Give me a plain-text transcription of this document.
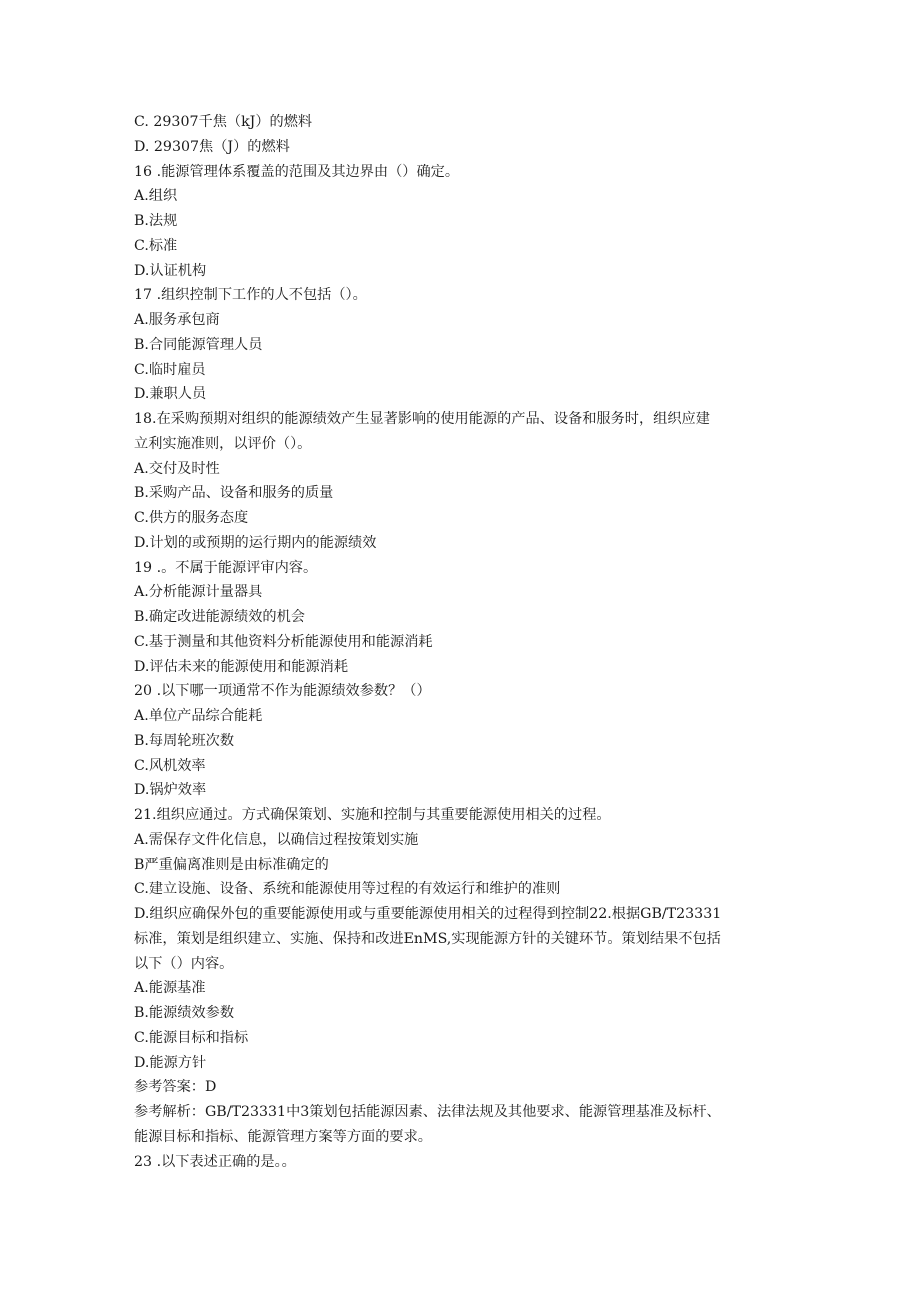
C. 29307千焦（kJ）的燃料
D. 29307焦（J）的燃料
16 .能源管理体系覆盖的范围及其边界由（）确定。
A.组织
B.法规
C.标准
D.认证机构
17 .组织控制下工作的人不包括（）。
A.服务承包商
B.合同能源管理人员
C.临时雇员
D.兼职人员
18.在采购预期对组织的能源绩效产生显著影响的使用能源的产品、设备和服务时，组织应建
立利实施准则，以评价（）。
A.交付及时性
B.采购产品、设备和服务的质量
C.供方的服务态度
D.计划的或预期的运行期内的能源绩效
19 .。不属于能源评审内容。
A.分析能源计量器具
B.确定改进能源绩效的机会
C.基于测量和其他资料分析能源使用和能源消耗
D.评估未来的能源使用和能源消耗
20 .以下哪一项通常不作为能源绩效参数？（）
A.单位产品综合能耗
B.每周轮班次数
C.风机效率
D.锅炉效率
21.组织应通过。方式确保策划、实施和控制与其重要能源使用相关的过程。
A.需保存文件化信息，以确信过程按策划实施
B严重偏离准则是由标准确定的
C.建立设施、设备、系统和能源使用等过程的有效运行和维护的准则
D.组织应确保外包的重要能源使用或与重要能源使用相关的过程得到控制22.根据GB/T23331
标准，策划是组织建立、实施、保持和改进EnMS,实现能源方针的关键环节。策划结果不包括
以下（）内容。
A.能源基准
B.能源绩效参数
C.能源目标和指标
D.能源方针
参考答案：D
参考解析：GB/T23331中3策划包括能源因素、法律法规及其他要求、能源管理基准及标杆、
能源目标和指标、能源管理方案等方面的要求。
23 .以下表述正确的是。。
